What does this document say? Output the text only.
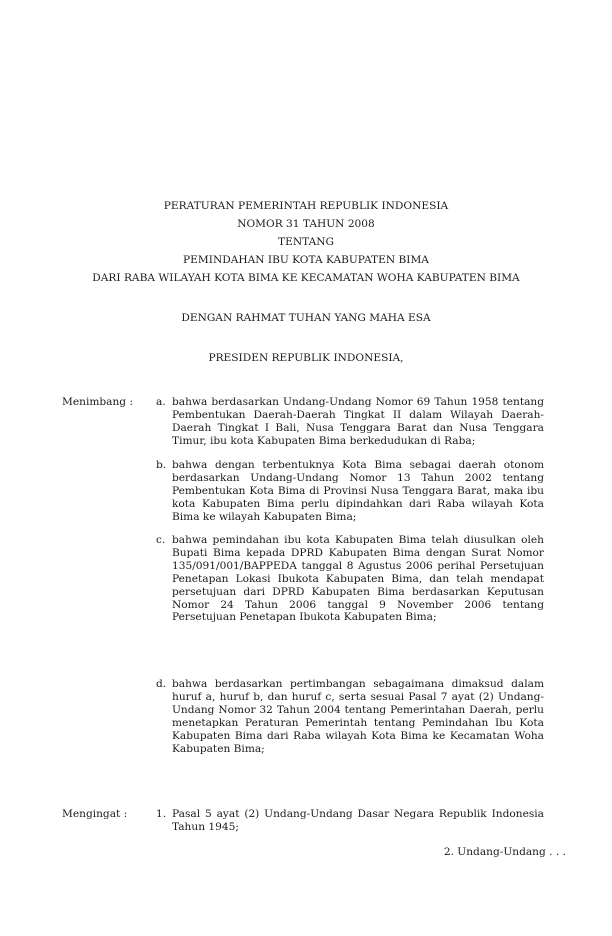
PERATURAN PEMERINTAH REPUBLIK INDONESIA
NOMOR 31 TAHUN 2008
TENTANG
PEMINDAHAN IBU KOTA KABUPATEN BIMA
DARI RABA WILAYAH KOTA BIMA KE KECAMATAN WOHA KABUPATEN BIMA
DENGAN RAHMAT TUHAN YANG MAHA ESA
PRESIDEN REPUBLIK INDONESIA,
Menimbang : a. bahwa berdasarkan Undang-Undang Nomor 69 Tahun 1958 tentang Pembentukan Daerah-Daerah Tingkat II dalam Wilayah Daerah-Daerah Tingkat I Bali, Nusa Tenggara Barat dan Nusa Tenggara Timur, ibu kota Kabupaten Bima berkedudukan di Raba;
b. bahwa dengan terbentuknya Kota Bima sebagai daerah otonom berdasarkan Undang-Undang Nomor 13 Tahun 2002 tentang Pembentukan Kota Bima di Provinsi Nusa Tenggara Barat, maka ibu kota Kabupaten Bima perlu dipindahkan dari Raba wilayah Kota Bima ke wilayah Kabupaten Bima;
c. bahwa pemindahan ibu kota Kabupaten Bima telah diusulkan oleh Bupati Bima kepada DPRD Kabupaten Bima dengan Surat Nomor 135/091/001/BAPPEDA tanggal 8 Agustus 2006 perihal Persetujuan Penetapan Lokasi Ibukota Kabupaten Bima, dan telah mendapat persetujuan dari DPRD Kabupaten Bima berdasarkan Keputusan Nomor 24 Tahun 2006 tanggal 9 November 2006 tentang Persetujuan Penetapan Ibukota Kabupaten Bima;
d. bahwa berdasarkan pertimbangan sebagaimana dimaksud dalam huruf a, huruf b, dan huruf c, serta sesuai Pasal 7 ayat (2) Undang-Undang Nomor 32 Tahun 2004 tentang Pemerintahan Daerah, perlu menetapkan Peraturan Pemerintah tentang Pemindahan Ibu Kota Kabupaten Bima dari Raba wilayah Kota Bima ke Kecamatan Woha Kabupaten Bima;
Mengingat :	1. Pasal 5 ayat (2) Undang-Undang Dasar Negara Republik Indonesia Tahun 1945;
2. Undang-Undang . . .
